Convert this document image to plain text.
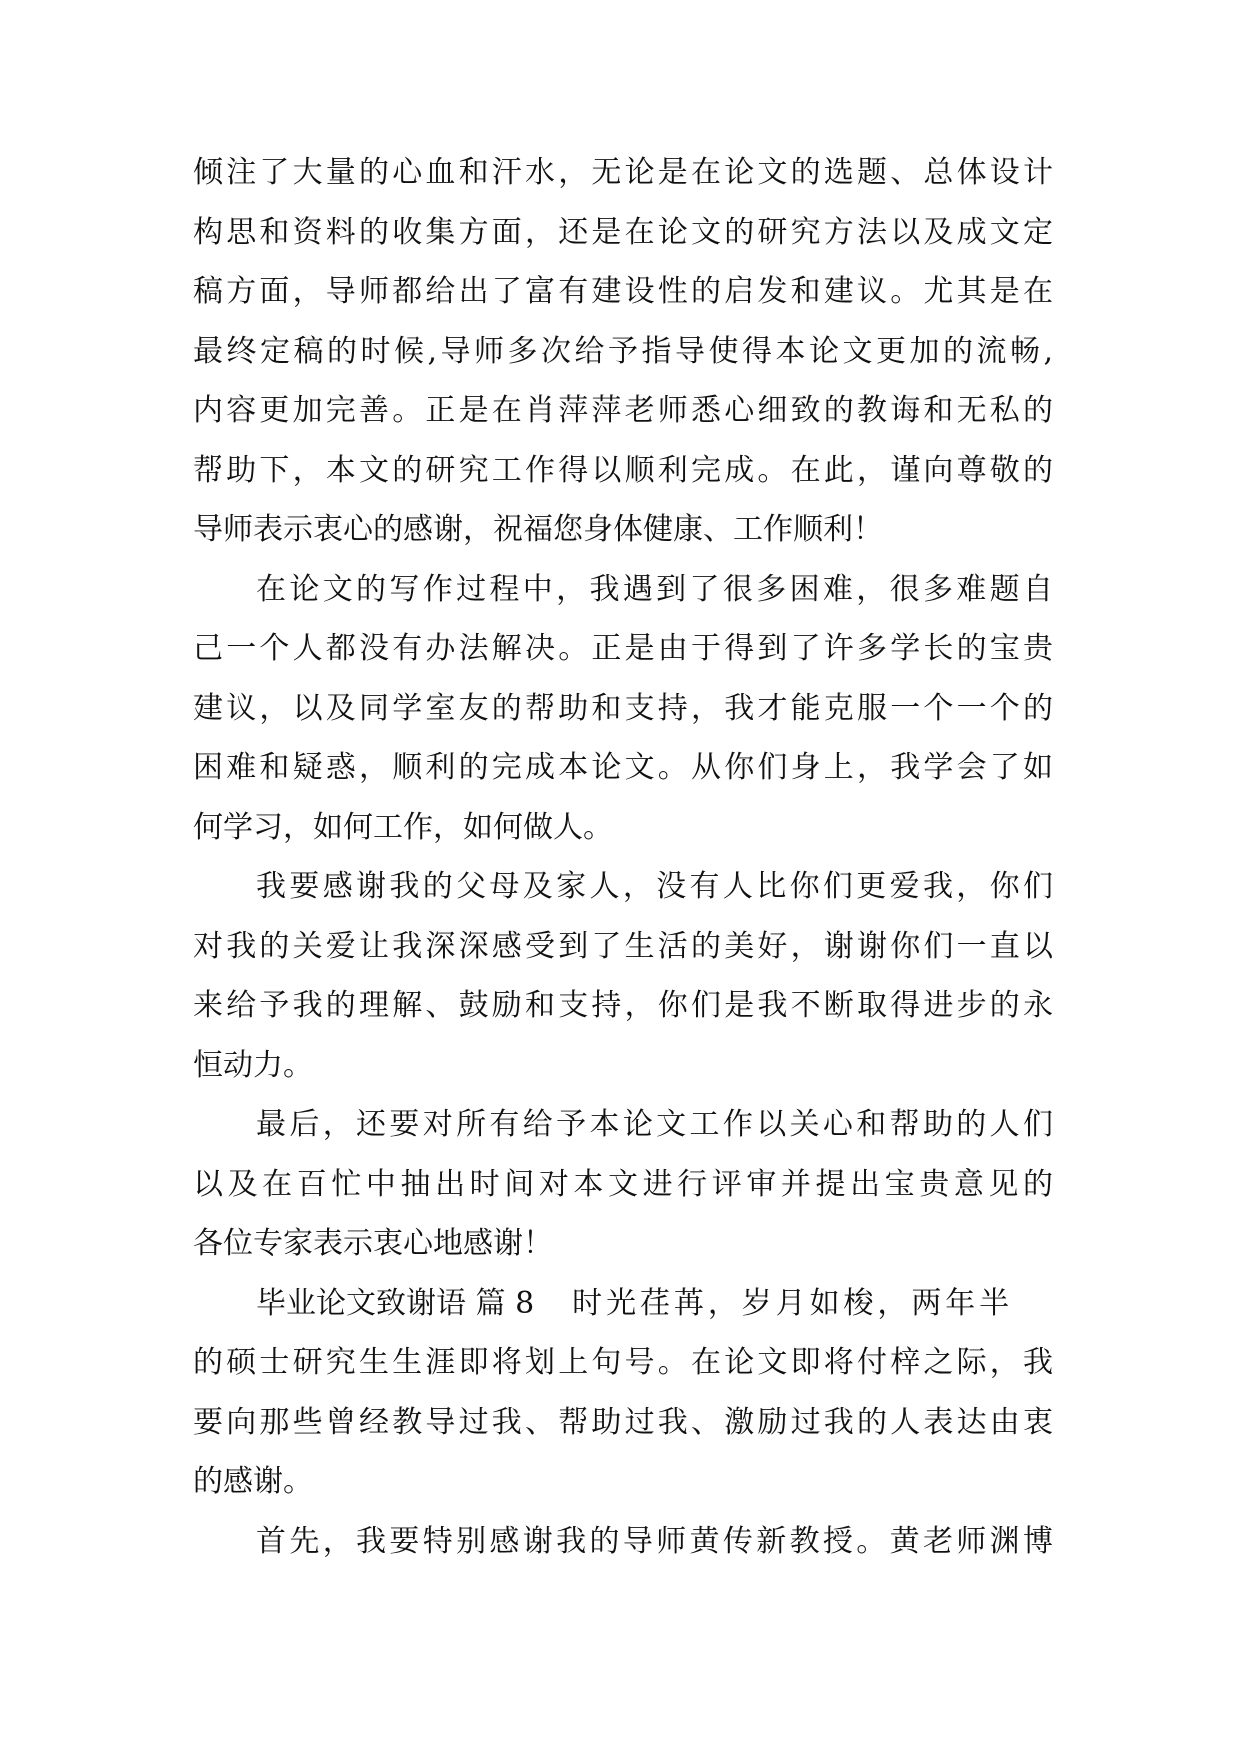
倾注了大量的心血和汗水，无论是在论文的选题、总体设计
构思和资料的收集方面，还是在论文的研究方法以及成文定
稿方面，导师都给出了富有建设性的启发和建议。尤其是在
最终定稿的时候,导师多次给予指导使得本论文更加的流畅,
内容更加完善。正是在肖萍萍老师悉心细致的教诲和无私的
帮助下，本文的研究工作得以顺利完成。在此，谨向尊敬的
导师表示衷心的感谢，祝福您身体健康、工作顺利！
在论文的写作过程中，我遇到了很多困难，很多难题自
己一个人都没有办法解决。正是由于得到了许多学长的宝贵
建议，以及同学室友的帮助和支持，我才能克服一个一个的
困难和疑惑，顺利的完成本论文。从你们身上，我学会了如
何学习，如何工作，如何做人。
我要感谢我的父母及家人，没有人比你们更爱我，你们
对我的关爱让我深深感受到了生活的美好，谢谢你们一直以
来给予我的理解、鼓励和支持，你们是我不断取得进步的永
恒动力。
最后，还要对所有给予本论文工作以关心和帮助的人们
以及在百忙中抽出时间对本文进行评审并提出宝贵意见的
各位专家表示衷心地感谢！
毕业论文致谢语 篇 8 时光荏苒，岁月如梭，两年半
的硕士研究生生涯即将划上句号。在论文即将付梓之际，我
要向那些曾经教导过我、帮助过我、激励过我的人表达由衷
的感谢。
首先，我要特别感谢我的导师黄传新教授。黄老师渊博
